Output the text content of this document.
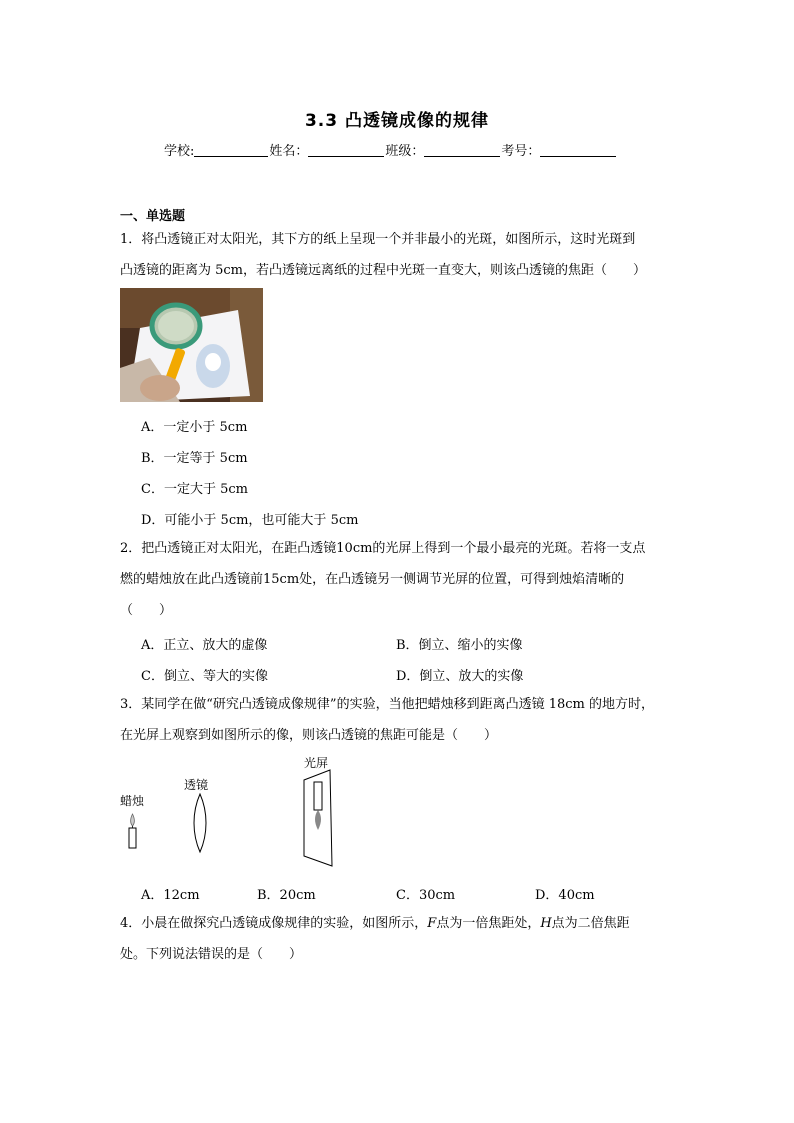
3.3 凸透镜成像的规律
学校:	姓名：	班级：	考号：
一、单选题
1．将凸透镜正对太阳光，其下方的纸上呈现一个并非最小的光斑，如图所示，这时光斑到
凸透镜的距离为 5cm，若凸透镜远离纸的过程中光斑一直变大，则该凸透镜的焦距（　　）
A．一定小于 5cm
B．一定等于 5cm
C．一定大于 5cm
D．可能小于 5cm，也可能大于 5cm
2．把凸透镜正对太阳光，在距凸透镜10cm的光屏上得到一个最小最亮的光斑。若将一支点
燃的蜡烛放在此凸透镜前15cm处，在凸透镜另一侧调节光屏的位置，可得到烛焰清晰的
（　　）
A．正立、放大的虚像	B．倒立、缩小的实像
C．倒立、等大的实像	D．倒立、放大的实像
3．某同学在做“研究凸透镜成像规律”的实验，当他把蜡烛移到距离凸透镜 18cm 的地方时，
在光屏上观察到如图所示的像，则该凸透镜的焦距可能是（　　）
蜡烛
透镜
光屏
A．12cm	B．20cm	C．30cm	D．40cm
4．小晨在做探究凸透镜成像规律的实验，如图所示，F点为一倍焦距处，H点为二倍焦距
处。下列说法错误的是（　　）
